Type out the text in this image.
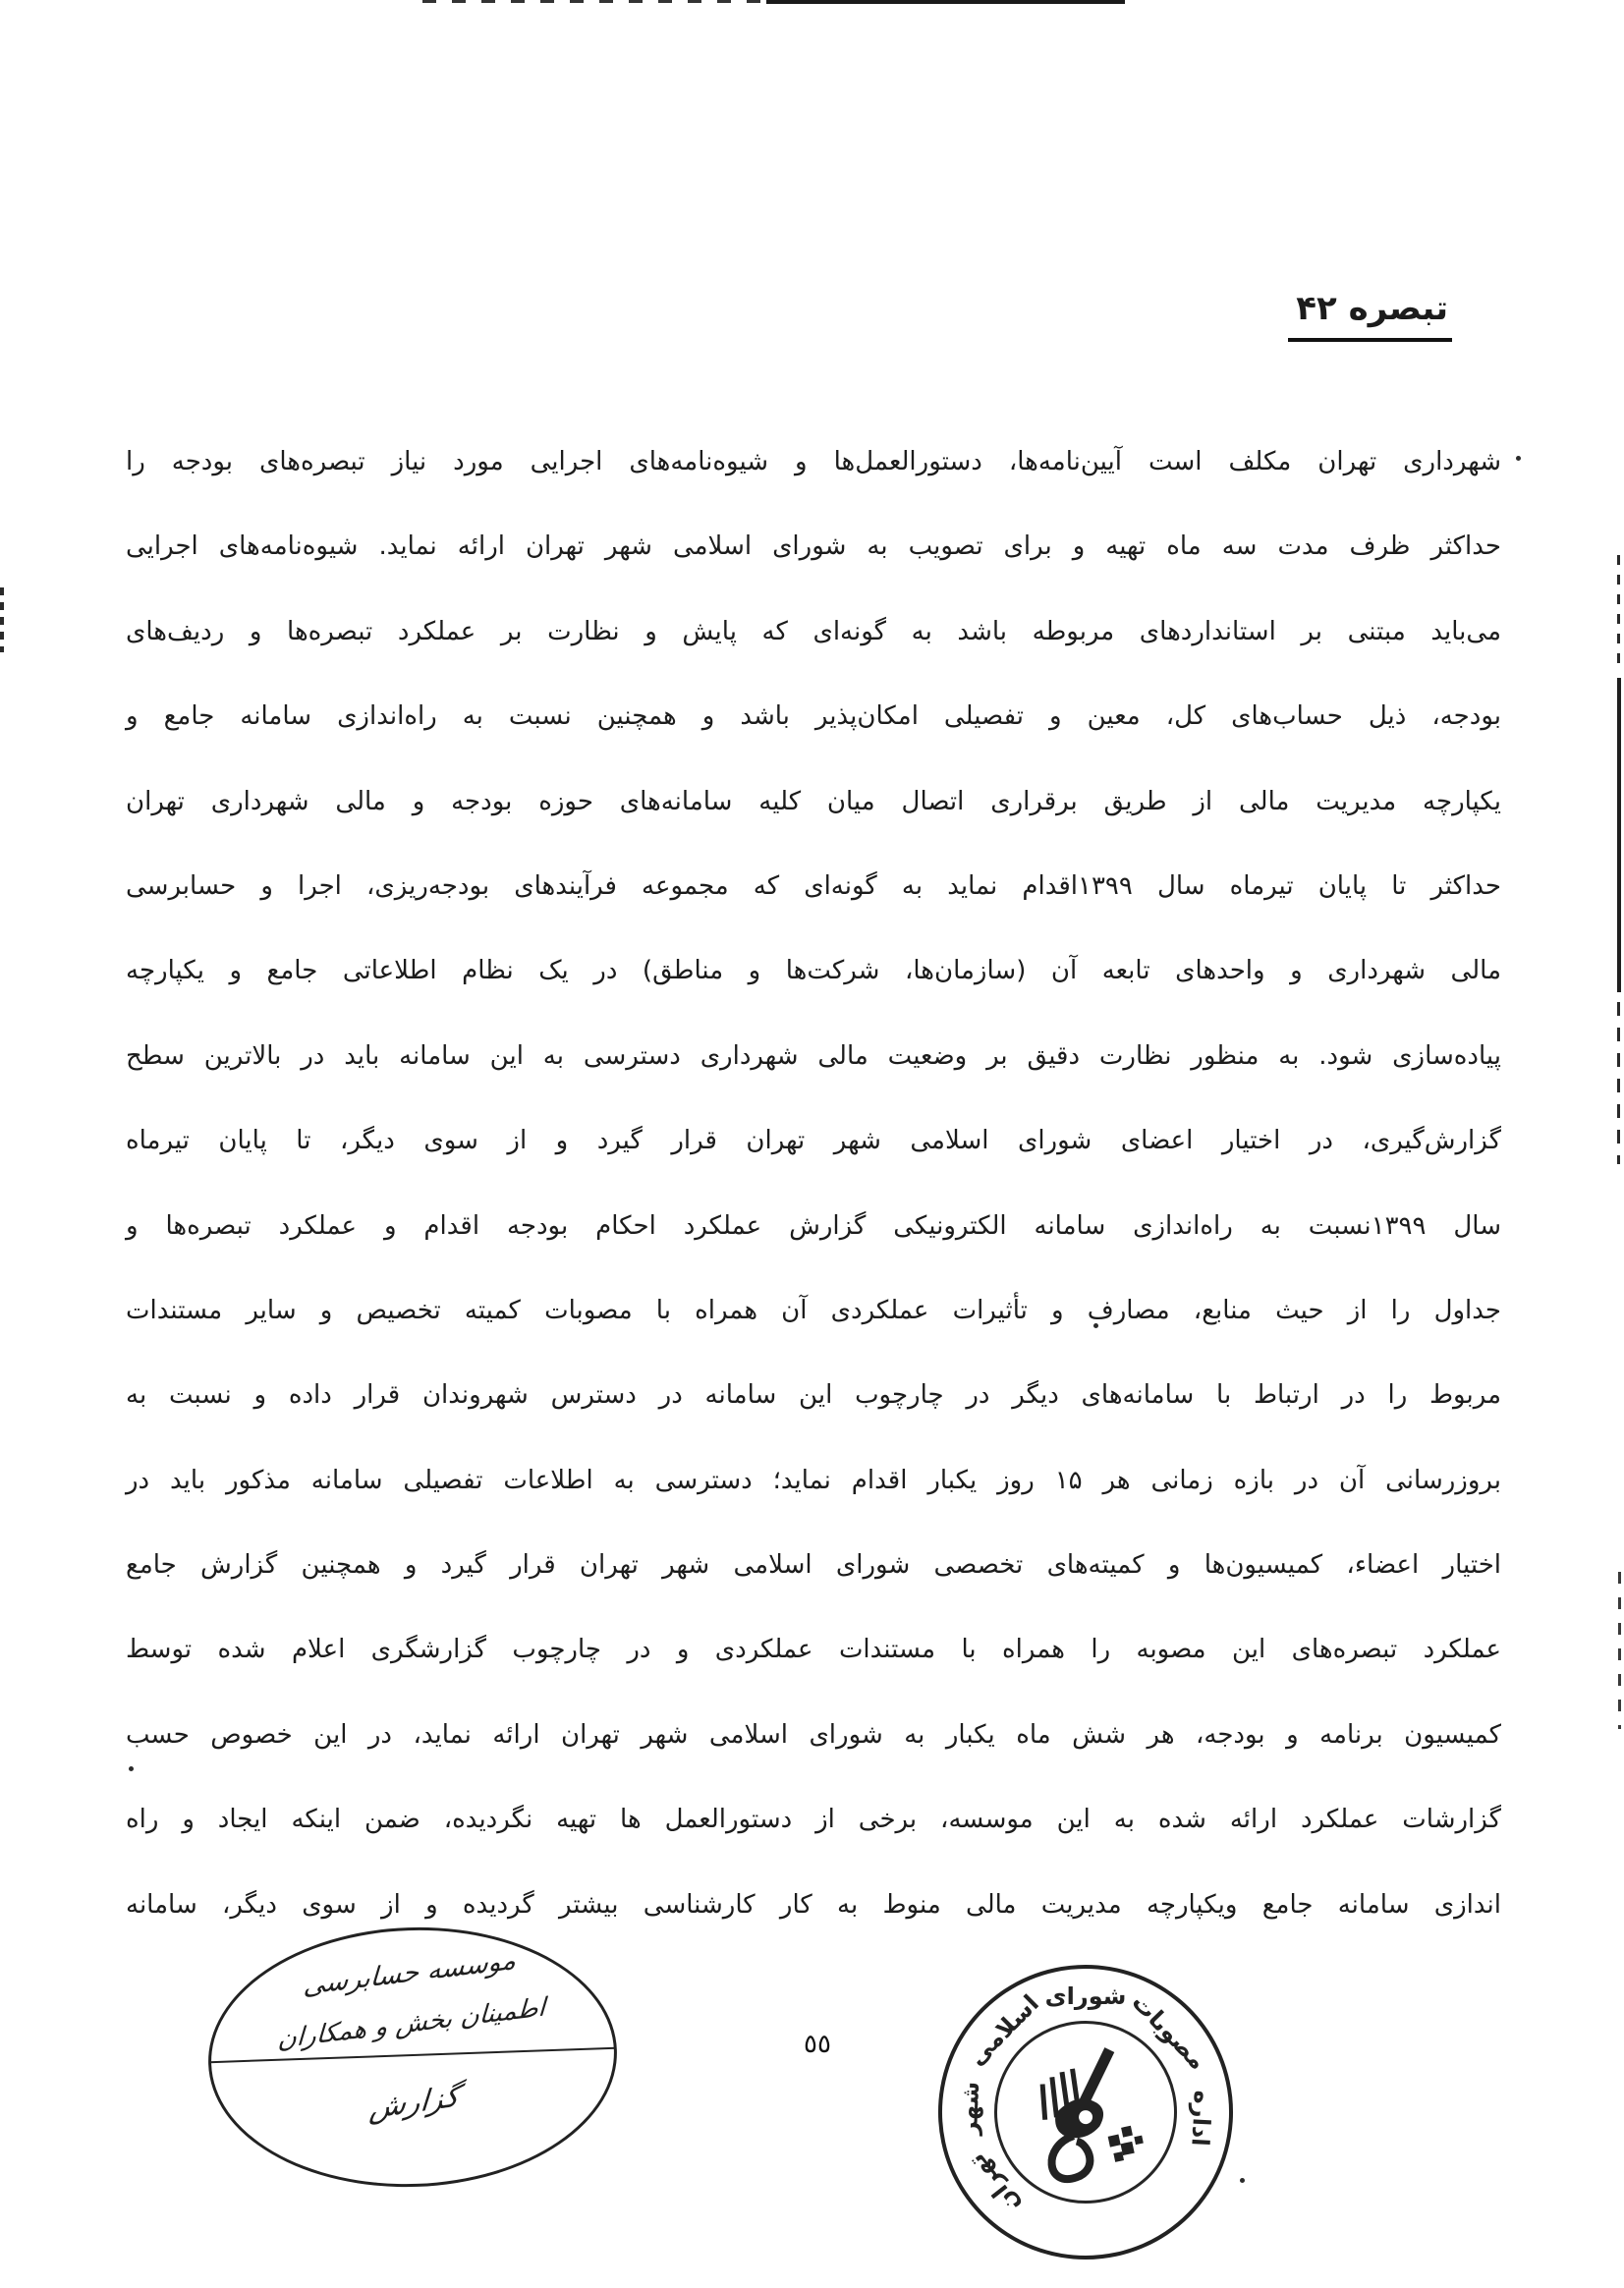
تبصره ۴۲
شهرداری تهران مکلف است آیین‌نامه‌ها، دستورالعمل‌ها و شیوه‌نامه‌های اجرایی مورد نیاز تبصره‌های بودجه را
حداکثر ظرف مدت سه ماه تهیه و برای تصویب به شورای اسلامی شهر تهران ارائه نماید. شیوه‌نامه‌های اجرایی
می‌باید مبتنی بر استانداردهای مربوطه باشد به گونه‌ای که پایش و نظارت بر عملکرد تبصره‌ها و ردیف‌های
بودجه، ذیل حساب‌های کل، معین و تفصیلی امکان‌پذیر باشد و همچنین نسبت به راه‌اندازی سامانه جامع و
یکپارچه مدیریت مالی از طریق برقراری اتصال میان کلیه سامانه‌های حوزه بودجه و مالی شهرداری تهران
حداکثر تا پایان تیرماه سال ۱۳۹۹اقدام نماید به گونه‌ای که مجموعه فرآیندهای بودجه‌ریزی، اجرا و حسابرسی
مالی شهرداری و واحدهای تابعه آن (سازمان‌ها، شرکت‌ها و مناطق) در یک نظام اطلاعاتی جامع و یکپارچه
پیاده‌سازی شود. به منظور نظارت دقیق بر وضعیت مالی شهرداری دسترسی به این سامانه باید در بالاترین سطح
گزارش‌گیری، در اختیار اعضای شورای اسلامی شهر تهران قرار گیرد و از سوی دیگر، تا پایان تیرماه
سال ۱۳۹۹نسبت به راه‌اندازی سامانه الکترونیکی گزارش عملکرد احکام بودجه اقدام و عملکرد تبصره‌ها و
جداول را از حیث منابع، مصارف و تأثیرات عملکردی آن همراه با مصوبات کمیته تخصیص و سایر مستندات
مربوط را در ارتباط با سامانه‌های دیگر در چارچوب این سامانه در دسترس شهروندان قرار داده و نسبت به
بروزرسانی آن در بازه زمانی هر ۱۵ روز یکبار اقدام نماید؛ دسترسی به اطلاعات تفصیلی سامانه مذکور باید در
اختیار اعضاء، کمیسیون‌ها و کمیته‌های تخصصی شورای اسلامی شهر تهران قرار گیرد و همچنین گزارش جامع
عملکرد تبصره‌های این مصوبه را همراه با مستندات عملکردی و در چارچوب گزارشگری اعلام شده توسط
کمیسیون برنامه و بودجه، هر شش ماه یکبار به شورای اسلامی شهر تهران ارائه نماید، در این خصوص حسب
گزارشات عملکرد ارائه شده به این موسسه، برخی از دستورالعمل ها تهیه نگردیده، ضمن اینکه ایجاد و راه
اندازی سامانه جامع ویکپارچه مدیریت مالی منوط به کار کارشناسی بیشتر گردیده و از سوی دیگر، سامانه
٥٥
موسسه حسابرسی
اطمینان بخش و همکاران
گزارش	اداره
مصوبات
شورای
اسلامی
شهر
تهران
